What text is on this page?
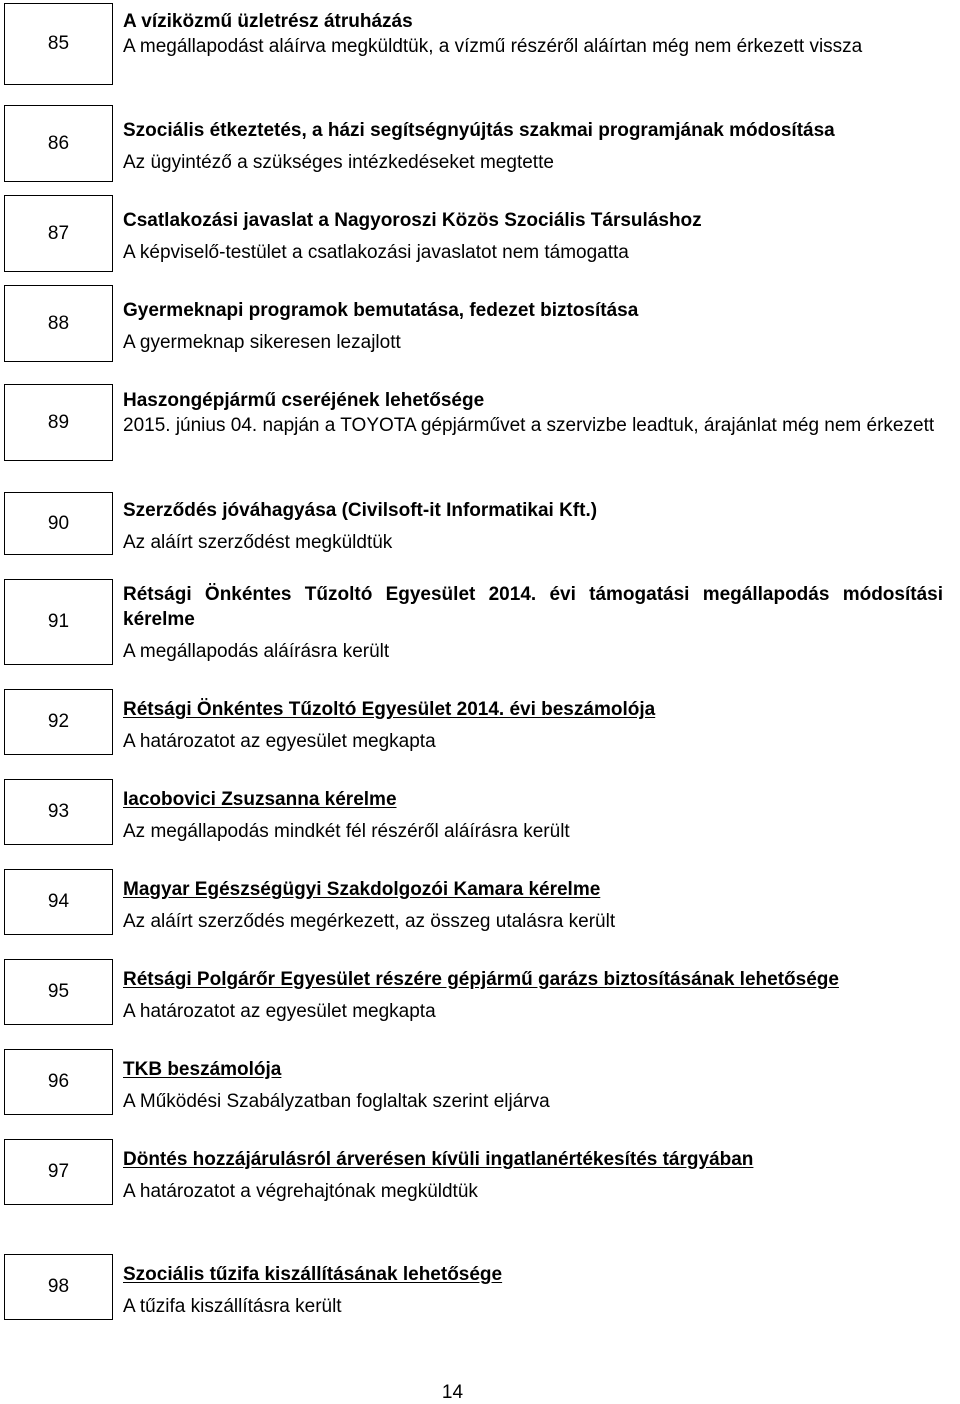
85
A víziközmű üzletrész átruházás
A megállapodást aláírva megküldtük, a vízmű részéről aláírtan még nem érkezett vissza
86
Szociális étkeztetés, a házi segítségnyújtás szakmai programjának módosítása
Az ügyintéző a szükséges intézkedéseket megtette
87
Csatlakozási javaslat a Nagyoroszi Közös Szociális Társuláshoz
A képviselő-testület a csatlakozási javaslatot nem támogatta
88
Gyermeknapi programok bemutatása, fedezet biztosítása
A gyermeknap sikeresen lezajlott
89
Haszongépjármű cseréjének lehetősége
2015. június 04. napján a TOYOTA gépjárművet a szervizbe leadtuk, árajánlat még nem érkezett
90
Szerződés jóváhagyása (Civilsoft-it Informatikai Kft.)
Az aláírt szerződést megküldtük
91
Rétsági Önkéntes Tűzoltó Egyesület 2014. évi támogatási megállapodás módosítási kérelme
A megállapodás aláírásra került
92
Rétsági Önkéntes Tűzoltó Egyesület 2014. évi beszámolója
A határozatot az egyesület megkapta
93
Iacobovici Zsuzsanna kérelme
Az megállapodás mindkét fél részéről aláírásra került
94
Magyar Egészségügyi Szakdolgozói Kamara kérelme
Az aláírt szerződés megérkezett, az összeg utalásra került
95
Rétsági Polgárőr Egyesület részére gépjármű garázs biztosításának lehetősége
A határozatot az egyesület megkapta
96
TKB beszámolója
A Működési Szabályzatban foglaltak szerint eljárva
97
Döntés hozzájárulásról árverésen kívüli ingatlanértékesítés tárgyában
A határozatot a végrehajtónak megküldtük
98
Szociális tűzifa kiszállításának lehetősége
A tűzifa kiszállításra került
14
